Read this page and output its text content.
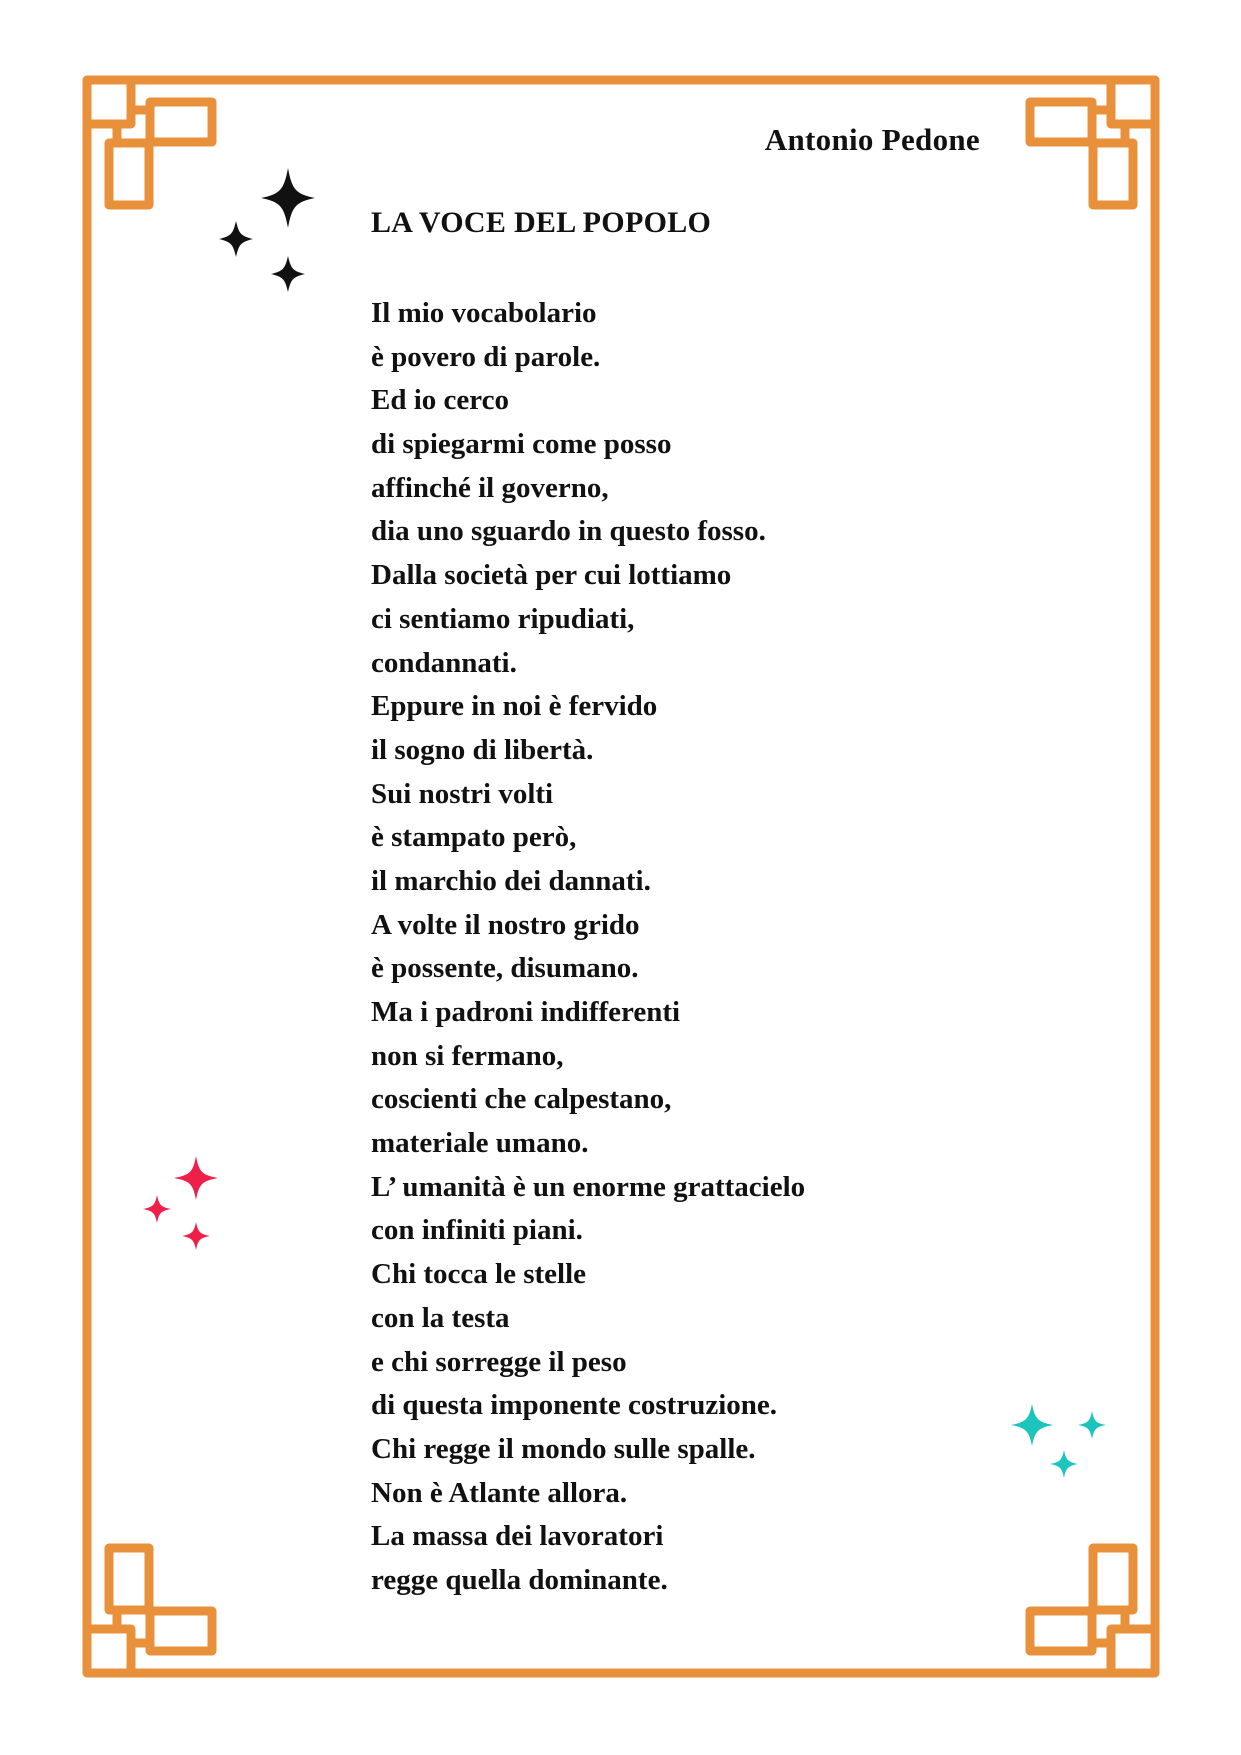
Antonio Pedone
LA VOCE DEL POPOLO
Il mio vocabolario
è povero di parole.
Ed io cerco
di spiegarmi come posso
affinché il governo,
dia uno sguardo in questo fosso.
Dalla società per cui lottiamo
ci sentiamo ripudiati,
condannati.
Eppure in noi è fervido
il sogno di libertà.
Sui nostri volti
è stampato però,
il marchio dei dannati.
A volte il nostro grido
è possente, disumano.
Ma i padroni indifferenti
non si fermano,
coscienti che calpestano,
materiale umano.
L’ umanità è un enorme grattacielo
con infiniti piani.
Chi tocca le stelle
con la testa
e chi sorregge il peso
di questa imponente costruzione.
Chi regge il mondo sulle spalle.
Non è Atlante allora.
La massa dei lavoratori
regge quella dominante.
